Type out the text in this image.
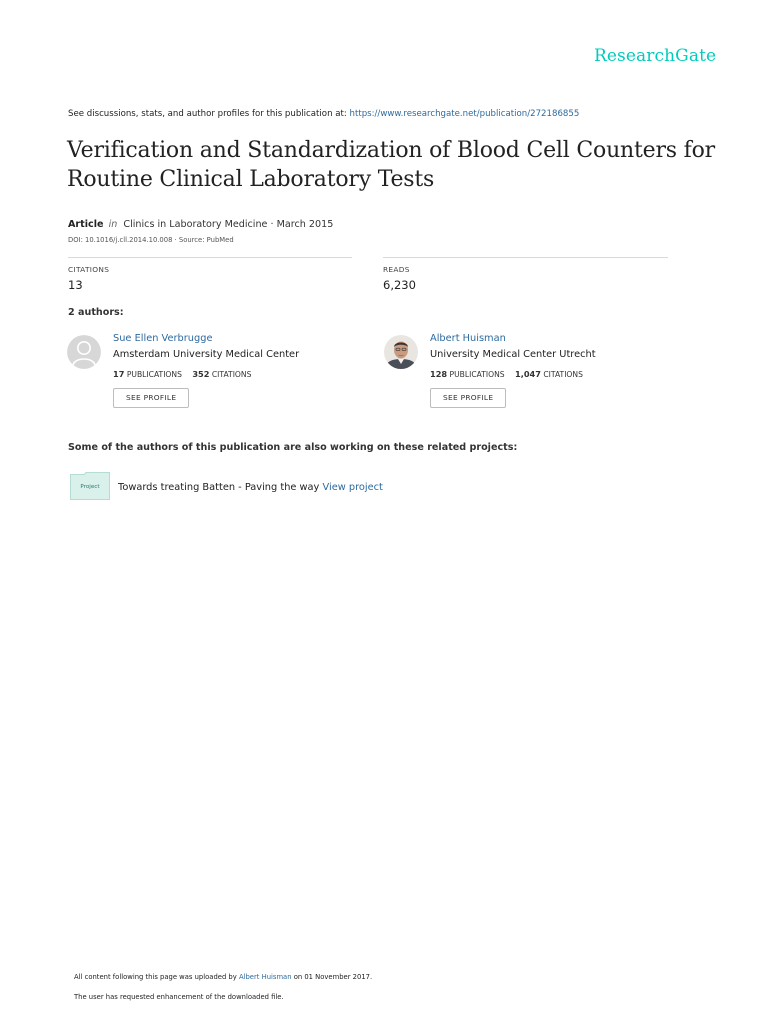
ResearchGate
See discussions, stats, and author profiles for this publication at: https://www.researchgate.net/publication/272186855
Verification and Standardization of Blood Cell Counters for Routine Clinical Laboratory Tests
Article in Clinics in Laboratory Medicine · March 2015
DOI: 10.1016/j.cll.2014.10.008 · Source: PubMed
CITATIONS
13
READS
6,230
2 authors:
Sue Ellen Verbrugge
Amsterdam University Medical Center
17 PUBLICATIONS 352 CITATIONS
SEE PROFILE
Albert Huisman
University Medical Center Utrecht
128 PUBLICATIONS 1,047 CITATIONS
SEE PROFILE
Some of the authors of this publication are also working on these related projects:
Project	Towards treating Batten - Paving the way View project
All content following this page was uploaded by Albert Huisman on 01 November 2017.
The user has requested enhancement of the downloaded file.
